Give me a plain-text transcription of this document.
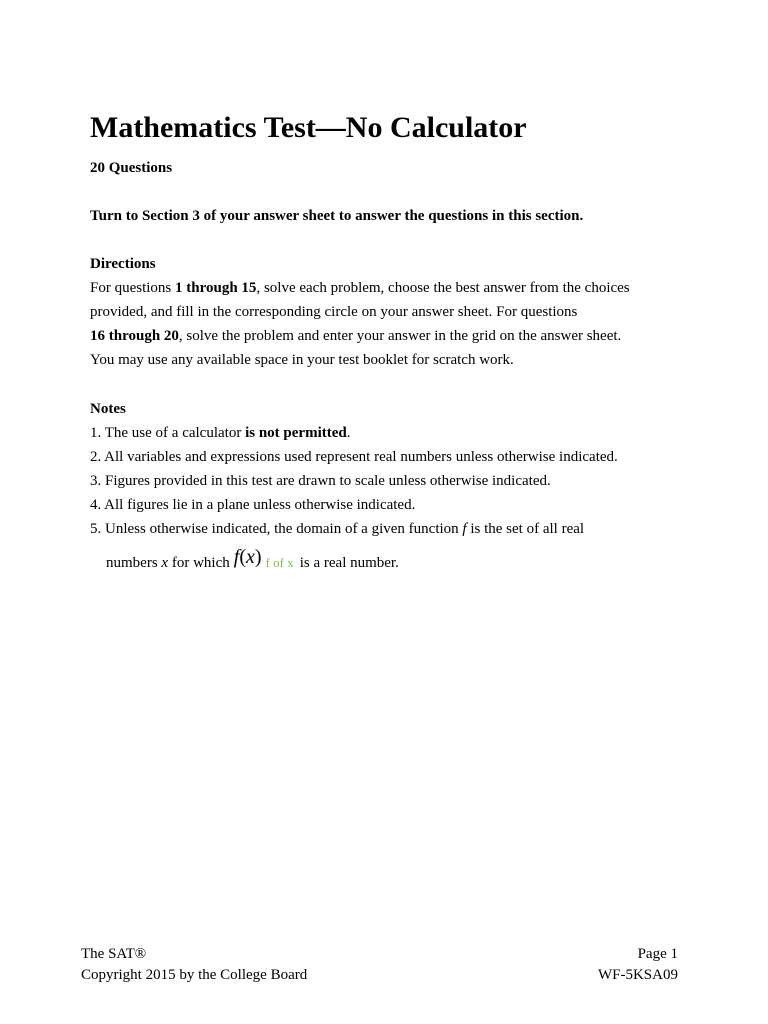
Mathematics Test—No Calculator
20 Questions
Turn to Section 3 of your answer sheet to answer the questions in this section.
Directions
For questions 1 through 15, solve each problem, choose the best answer from the choices
provided, and fill in the corresponding circle on your answer sheet. For questions
16 through 20, solve the problem and enter your answer in the grid on the answer sheet.
You may use any available space in your test booklet for scratch work.
Notes
1. The use of a calculator is not permitted.
2. All variables and expressions used represent real numbers unless otherwise indicated.
3. Figures provided in this test are drawn to scale unless otherwise indicated.
4. All figures lie in a plane unless otherwise indicated.
5. Unless otherwise indicated, the domain of a given function f is the set of all real
numbers x for which f(x) f of x is a real number.
The SAT®
Copyright 2015 by the College Board
Page 1
WF-5KSA09
